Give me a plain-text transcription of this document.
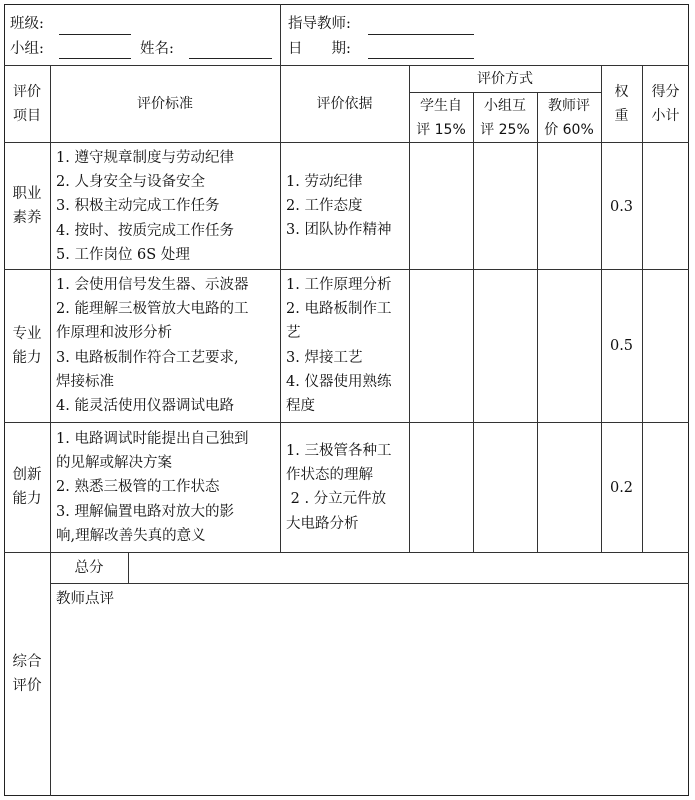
班级:
小组:	姓名:
指导教师:
日　　期:
评价
项目
评价标准	评价依据
评价方式
学生自
评 15%
小组互
评 25%
教师评
价 60%
权
重
得分
小计
职业
素养
1. 遵守规章制度与劳动纪律
2. 人身安全与设备安全
3. 积极主动完成工作任务
4. 按时、按质完成工作任务
5. 工作岗位 6S 处理
1. 劳动纪律
2. 工作态度
3. 团队协作精神
0.3
专业
能力
1. 会使用信号发生器、示波器
2. 能理解三极管放大电路的工
作原理和波形分析
3. 电路板制作符合工艺要求,
焊接标准
4. 能灵活使用仪器调试电路
1. 工作原理分析
2. 电路板制作工
艺
3. 焊接工艺
4. 仪器使用熟练
程度
0.5
创新
能力
1. 电路调试时能提出自己独到
的见解或解决方案
2. 熟悉三极管的工作状态
3. 理解偏置电路对放大的影
响,理解改善失真的意义
1. 三极管各种工
作状态的理解
2 . 分立元件放
大电路分析
0.2
综合
评价
总分
教师点评
